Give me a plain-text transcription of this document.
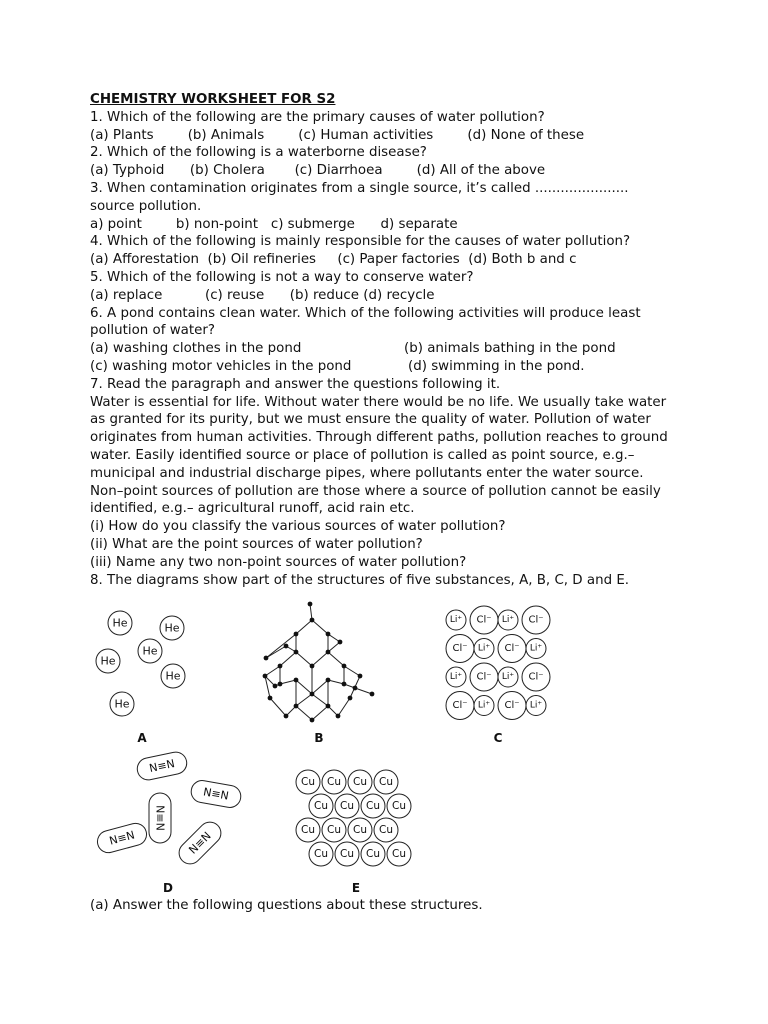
CHEMISTRY WORKSHEET FOR S2
1. Which of the following are the primary causes of water pollution?
(a) Plants	(b) Animals	(c) Human activities	(d) None of these
2. Which of the following is a waterborne disease?
(a) Typhoid (b) Cholera (c) Diarrhoea	(d) All of the above
3. When contamination originates from a single source, it’s called ......................
source pollution.
a) point	b) non-point c) submerge d) separate
4. Which of the following is mainly responsible for the causes of water pollution?
(a) Afforestation (b) Oil refineries (c) Paper factories (d) Both b and c
5. Which of the following is not a way to conserve water?
(a) replace	(c) reuse (b) reduce (d) recycle
6. A pond contains clean water. Which of the following activities will produce least
pollution of water?
(a) washing clothes in the pond	(b) animals bathing in the pond
(c) washing motor vehicles in the pond	(d) swimming in the pond.
7. Read the paragraph and answer the questions following it.
Water is essential for life. Without water there would be no life. We usually take water as granted for its purity, but we must ensure the quality of water. Pollution of water originates from human activities. Through different paths, pollution reaches to ground water. Easily identified source or place of pollution is called as point source, e.g.– municipal and industrial discharge pipes, where pollutants enter the water source. Non–point sources of pollution are those where a source of pollution cannot be easily identified, e.g.– agricultural runoff, acid rain etc.
(i) How do you classify the various sources of water pollution?
(ii) What are the point sources of water pollution?
(iii) Name any two non-point sources of water pollution?
8. The diagrams show part of the structures of five substances, A, B, C, D and E.
He	He
He
He
He
He
A	B
Li⁺ Cl⁻ Li⁺ Cl⁻
Cl⁻ Li⁺ Cl⁻ Li⁺
Li⁺ Cl⁻ Li⁺ Cl⁻
Cl⁻ Li⁺ Cl⁻ Li⁺
C
N≡N
N≡N
N≡N
N≡N	N≡N
D
Cu Cu Cu Cu
Cu Cu Cu Cu
Cu Cu Cu Cu
Cu Cu Cu Cu
E
(a) Answer the following questions about these structures.
